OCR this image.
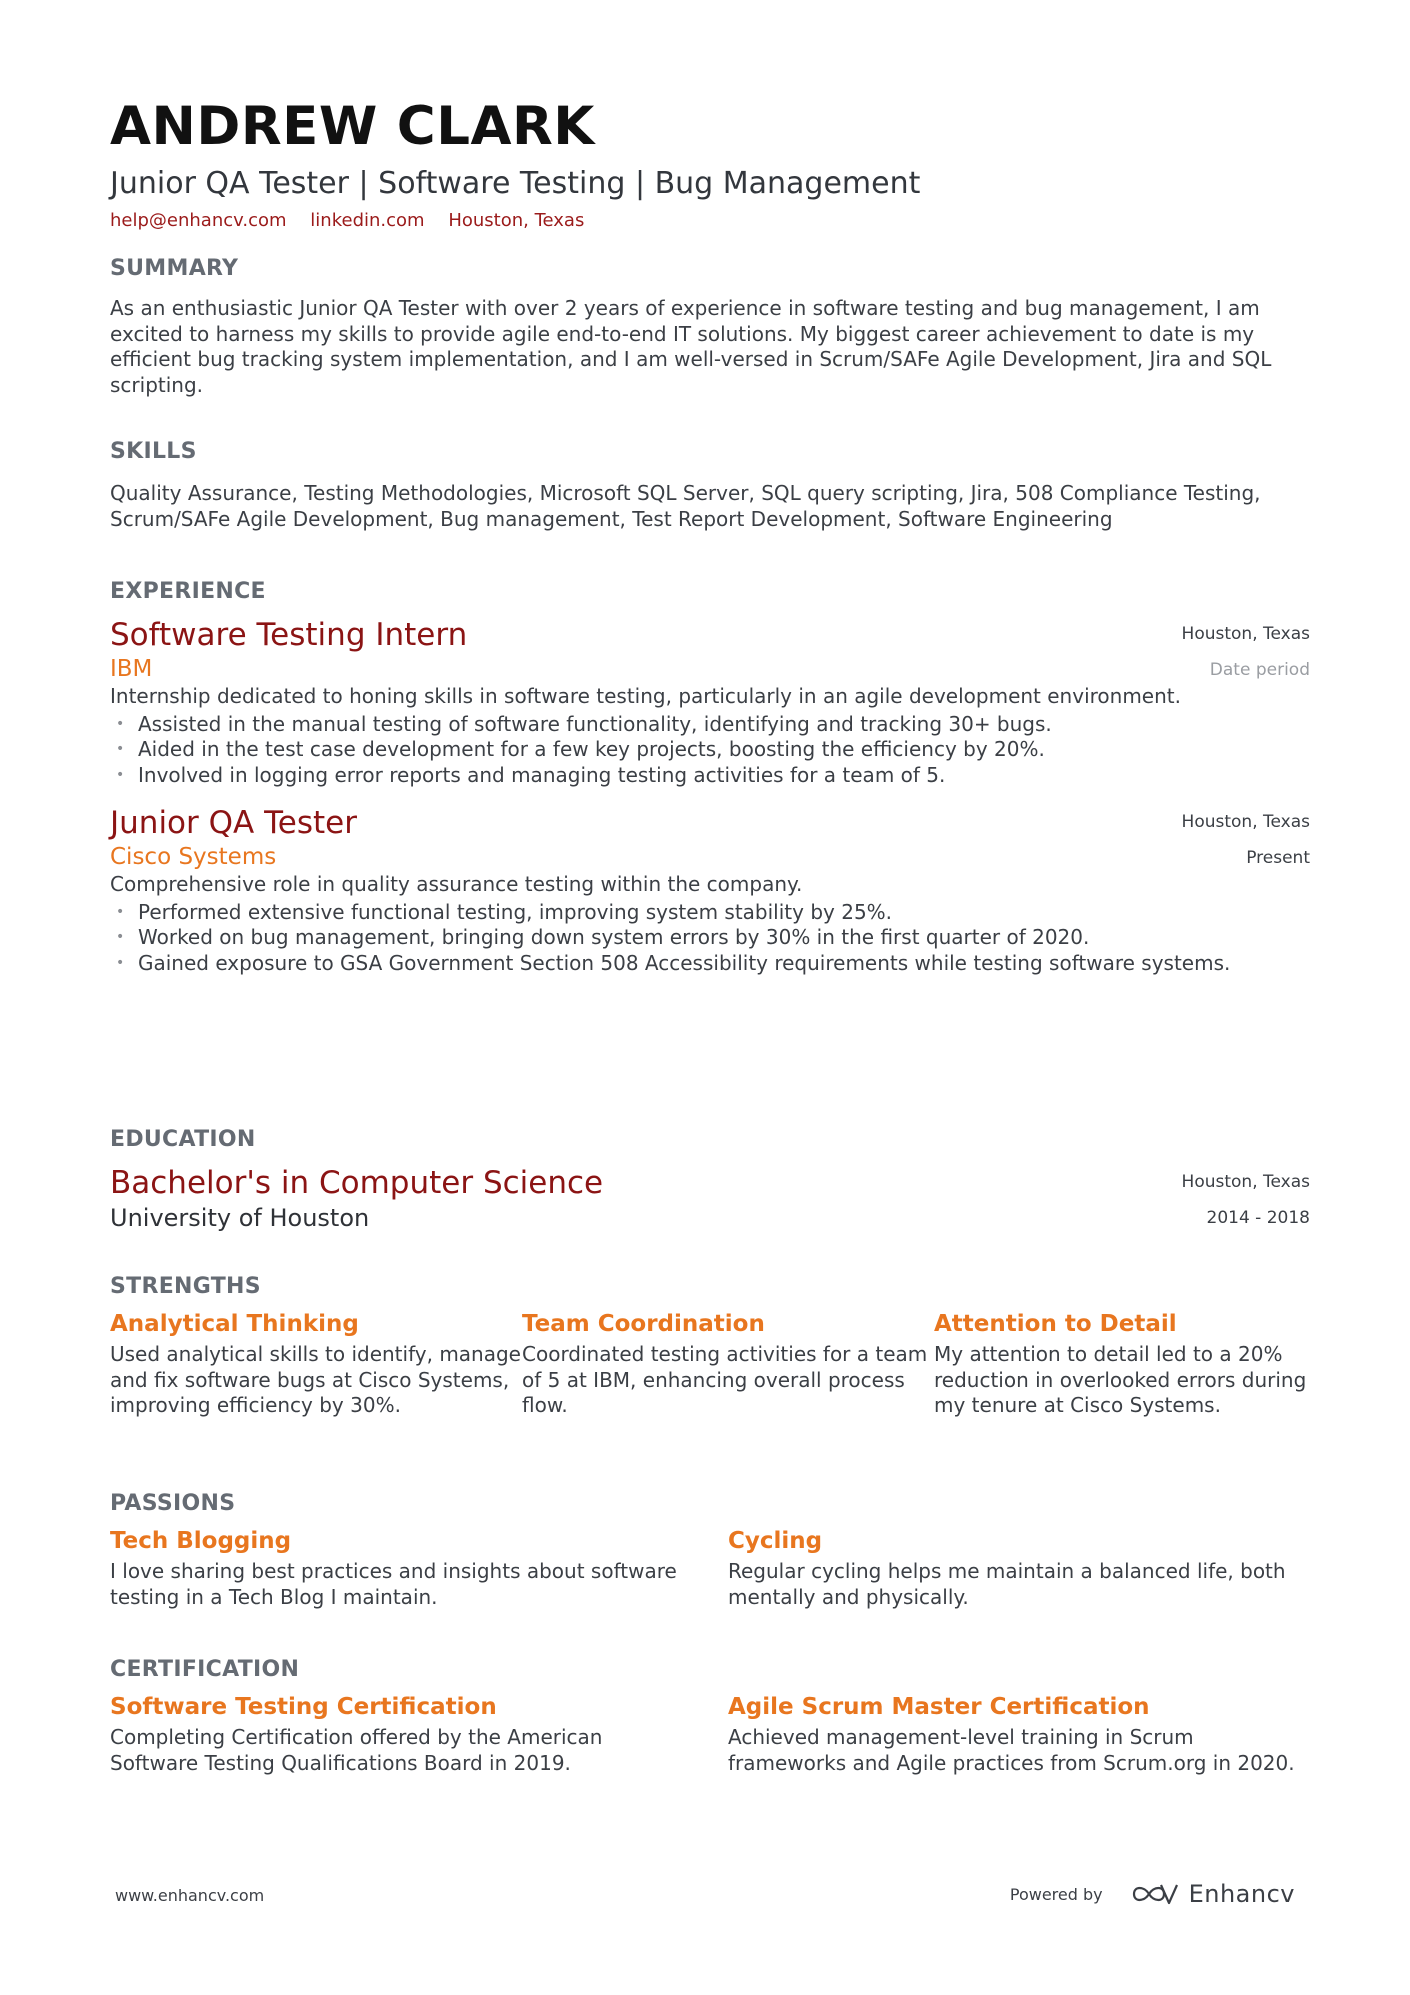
ANDREW CLARK
Junior QA Tester | Software Testing | Bug Management
help@enhancv.com linkedin.com Houston, Texas
SUMMARY
As an enthusiastic Junior QA Tester with over 2 years of experience in software testing and bug management, I am excited to harness my skills to provide agile end-to-end IT solutions. My biggest career achievement to date is my efficient bug tracking system implementation, and I am well-versed in Scrum/SAFe Agile Development, Jira and SQL scripting.
SKILLS
Quality Assurance, Testing Methodologies, Microsoft SQL Server, SQL query scripting, Jira, 508 Compliance Testing, Scrum/SAFe Agile Development, Bug management, Test Report Development, Software Engineering
EXPERIENCE
Software Testing Intern
IBM
Houston, Texas
Date period
Internship dedicated to honing skills in software testing, particularly in an agile development environment.
• Assisted in the manual testing of software functionality, identifying and tracking 30+ bugs.
• Aided in the test case development for a few key projects, boosting the efficiency by 20%.
• Involved in logging error reports and managing testing activities for a team of 5.
Junior QA Tester
Cisco Systems
Houston, Texas
Present
Comprehensive role in quality assurance testing within the company.
• Performed extensive functional testing, improving system stability by 25%.
• Worked on bug management, bringing down system errors by 30% in the first quarter of 2020.
• Gained exposure to GSA Government Section 508 Accessibility requirements while testing software systems.
EDUCATION
Bachelor's in Computer Science
University of Houston
Houston, Texas
2014 - 2018
STRENGTHS
Analytical Thinking
Used analytical skills to identify, manage and fix software bugs at Cisco Systems, improving efficiency by 30%.
Team Coordination
Coordinated testing activities for a team of 5 at IBM, enhancing overall process flow.
Attention to Detail
My attention to detail led to a 20% reduction in overlooked errors during my tenure at Cisco Systems.
PASSIONS
Tech Blogging
I love sharing best practices and insights about software testing in a Tech Blog I maintain.
Cycling
Regular cycling helps me maintain a balanced life, both mentally and physically.
CERTIFICATION
Software Testing Certification
Completing Certification offered by the American Software Testing Qualifications Board in 2019.
Agile Scrum Master Certification
Achieved management-level training in Scrum frameworks and Agile practices from Scrum.org in 2020.
www.enhancv.com	Powered by	Enhancv
